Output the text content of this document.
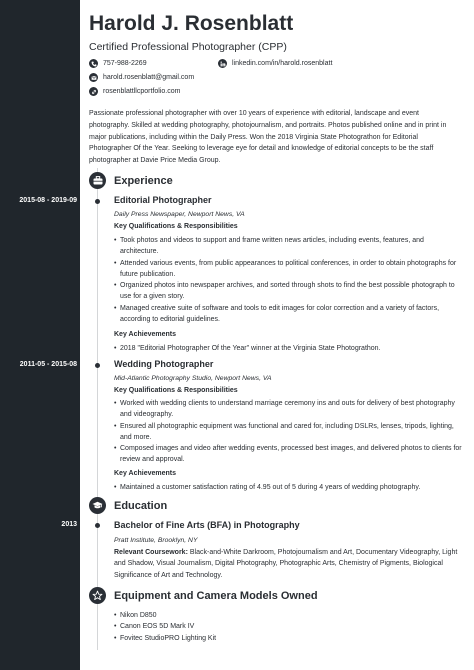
Harold J. Rosenblatt
Certified Professional Photographer (CPP)
757-988-2269	linkedin.com/in/harold.rosenblatt
harold.rosenblatt@gmail.com
rosenblattllcportfolio.com
Passionate professional photographer with over 10 years of experience with editorial, landscape and event photography. Skilled at wedding photography, photojournalism, and portraits. Photos published online and in print in major publications, including within the Daily Press. Won the 2018 Virginia State Photograthon for Editorial Photographer Of the Year. Seeking to leverage eye for detail and knowledge of editorial concepts to be the staff photographer at Davie Price Media Group.
Experience
2015-08 - 2019-09	Editorial Photographer
Daily Press Newspaper, Newport News, VA
Key Qualifications & Responsibilities
• Took photos and videos to support and frame written news articles, including events, features, and architecture.
• Attended various events, from public appearances to political conferences, in order to obtain photographs for future publication.
• Organized photos into newspaper archives, and sorted through shots to find the best possible photograph to use for a given story.
• Managed creative suite of software and tools to edit images for color correction and a variety of factors, according to editorial guidelines.
Key Achievements
• 2018 "Editorial Photographer Of the Year" winner at the Virginia State Photograthon.
2011-05 - 2015-08	Wedding Photographer
Mid-Atlantic Photography Studio, Newport News, VA
Key Qualifications & Responsibilities
• Worked with wedding clients to understand marriage ceremony ins and outs for delivery of best photography and videography.
• Ensured all photographic equipment was functional and cared for, including DSLRs, lenses, tripods, lighting, and more.
• Composed images and video after wedding events, processed best images, and delivered photos to clients for review and approval.
Key Achievements
• Maintained a customer satisfaction rating of 4.95 out of 5 during 4 years of wedding photography.
Education
2013	Bachelor of Fine Arts (BFA) in Photography
Pratt Institute, Brooklyn, NY
Relevant Coursework: Black-and-White Darkroom, Photojournalism and Art, Documentary Videography, Light and Shadow, Visual Journalism, Digital Photography, Photographic Arts, Chemistry of Pigments, Biological Significance of Art and Technology.
Equipment and Camera Models Owned
• Nikon D850
• Canon EOS 5D Mark IV
• Fovitec StudioPRO Lighting Kit
